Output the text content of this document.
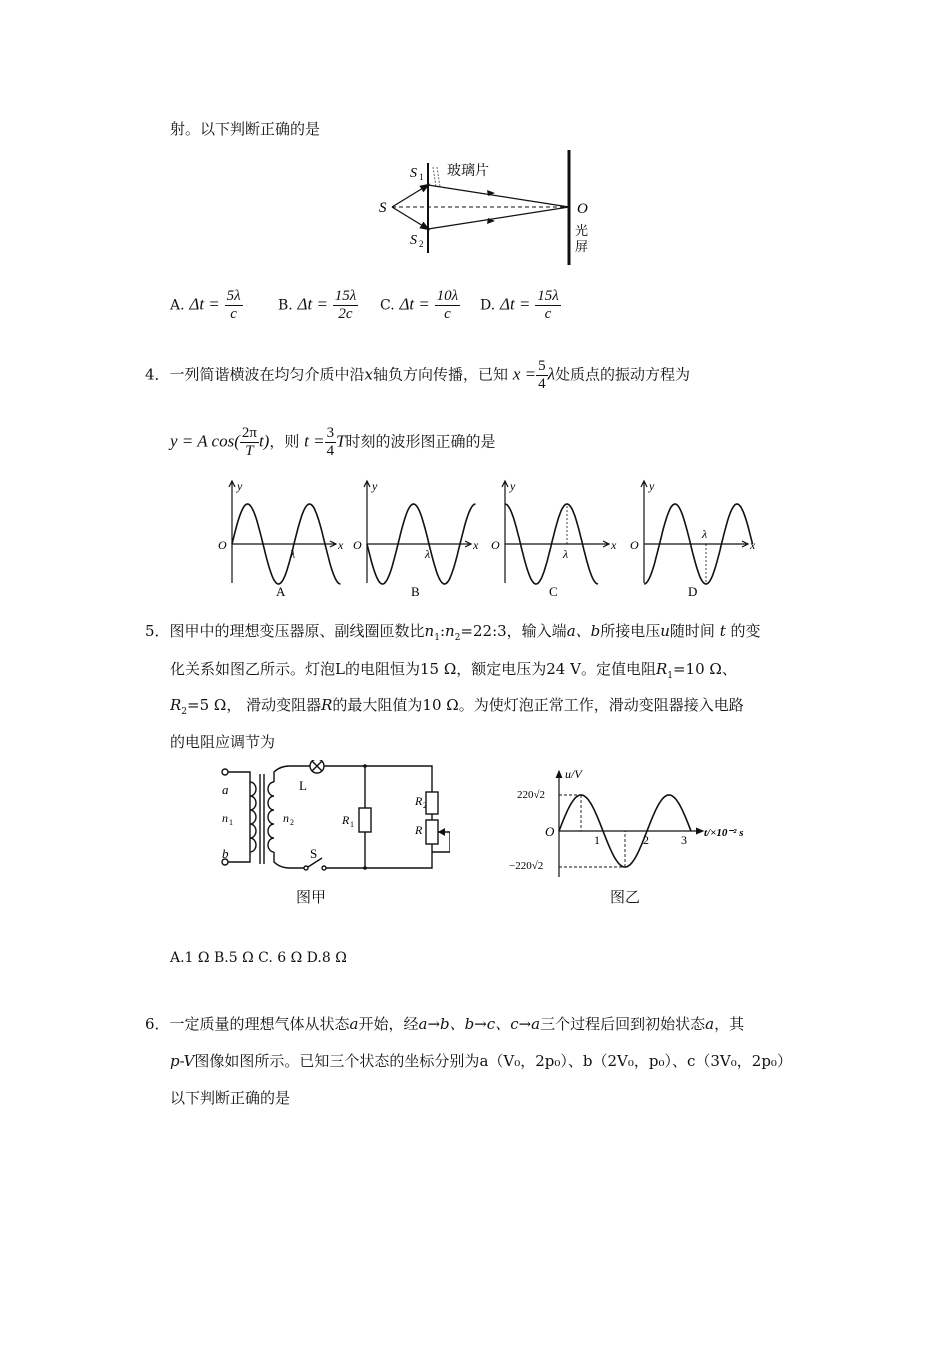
射。以下判断正确的是
S
S 1
S 2
玻璃片
O
光
屏
A. $\Delta t = \frac{5\lambda}{c}$	B. $\Delta t = \frac{15\lambda}{2c} C$. $\Delta t = \frac{10\lambda}{c} D$. $\Delta t = \frac{15\lambda}{c}$
4．一列简谐横波在均匀介质中沿x轴负方向传播，已知 $x = \frac{5}{4}$ λ处质点的振动方程为
y = A $\cos( \frac{2\pi}{T} t)$，则 $t = \frac{3}{4}$ T时刻的波形图正确的是
y
O	x
λ
A
y
O	x
λ
B
y
O	x
λ
C
y
O	x
λ
D
5．图甲中的理想变压器原、副线圈匝数比$n_1:n_2=22:3$，输入端a、b所接电压u随时间 t 的变
化关系如图乙所示。灯泡L的电阻恒为15 Ω，额定电压为24 V。定值电阻$R_1=10$ Ω、
$R_2=5$ Ω， 滑动变阻器R的最大阻值为10 Ω。为使灯泡正常工作，滑动变阻器接入电路
的电阻应调节为
a
b
n 1	n 2
L
S
R 1
R 2
R
图甲
u/V
220√2
−220√2
O
1	2	3 t/×10⁻² s
图乙
A.1 Ω B.5 Ω C. 6 Ω D.8 Ω
6．一定质量的理想气体从状态a开始，经a→b、b→c、c→a三个过程后回到初始状态a，其
p-V图像如图所示。已知三个状态的坐标分别为a（V₀，2p₀）、b（2V₀，p₀）、c（3V₀，2p₀）
以下判断正确的是
